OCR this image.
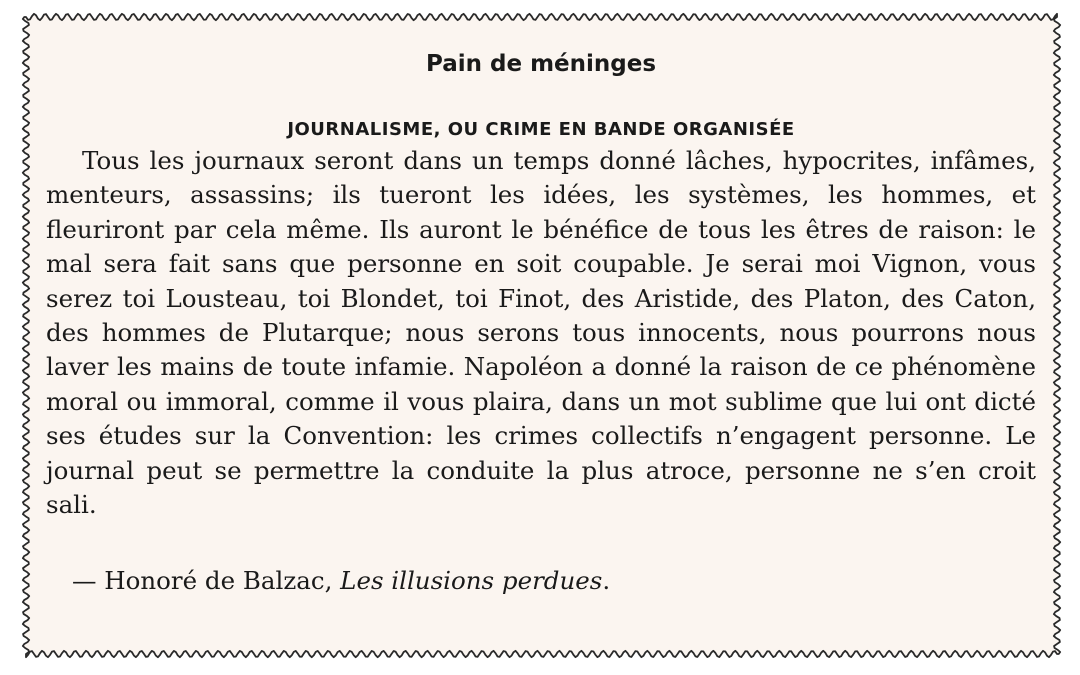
Pain de méninges
JOURNALISME, OU CRIME EN BANDE ORGANISÉE

Tous les journaux seront dans un temps donné lâches, hypocrites, infâmes, menteurs, assassins; ils tueront les idées, les systèmes, les hommes, et fleuriront par cela même. Ils auront le bénéfice de tous les êtres de raison: le mal sera fait sans que personne en soit coupable. Je serai moi Vignon, vous serez toi Lousteau, toi Blondet, toi Finot, des Aristide, des Platon, des Caton, des hommes de Plutarque; nous serons tous innocents, nous pourrons nous laver les mains de toute infamie. Napoléon a donné la raison de ce phénomène moral ou immoral, comme il vous plaira, dans un mot sublime que lui ont dicté ses études sur la Convention: les crimes collectifs n’engagent personne. Le journal peut se permettre la conduite la plus atroce, personne ne s’en croit sali.

— Honoré de Balzac, Les illusions perdues.
